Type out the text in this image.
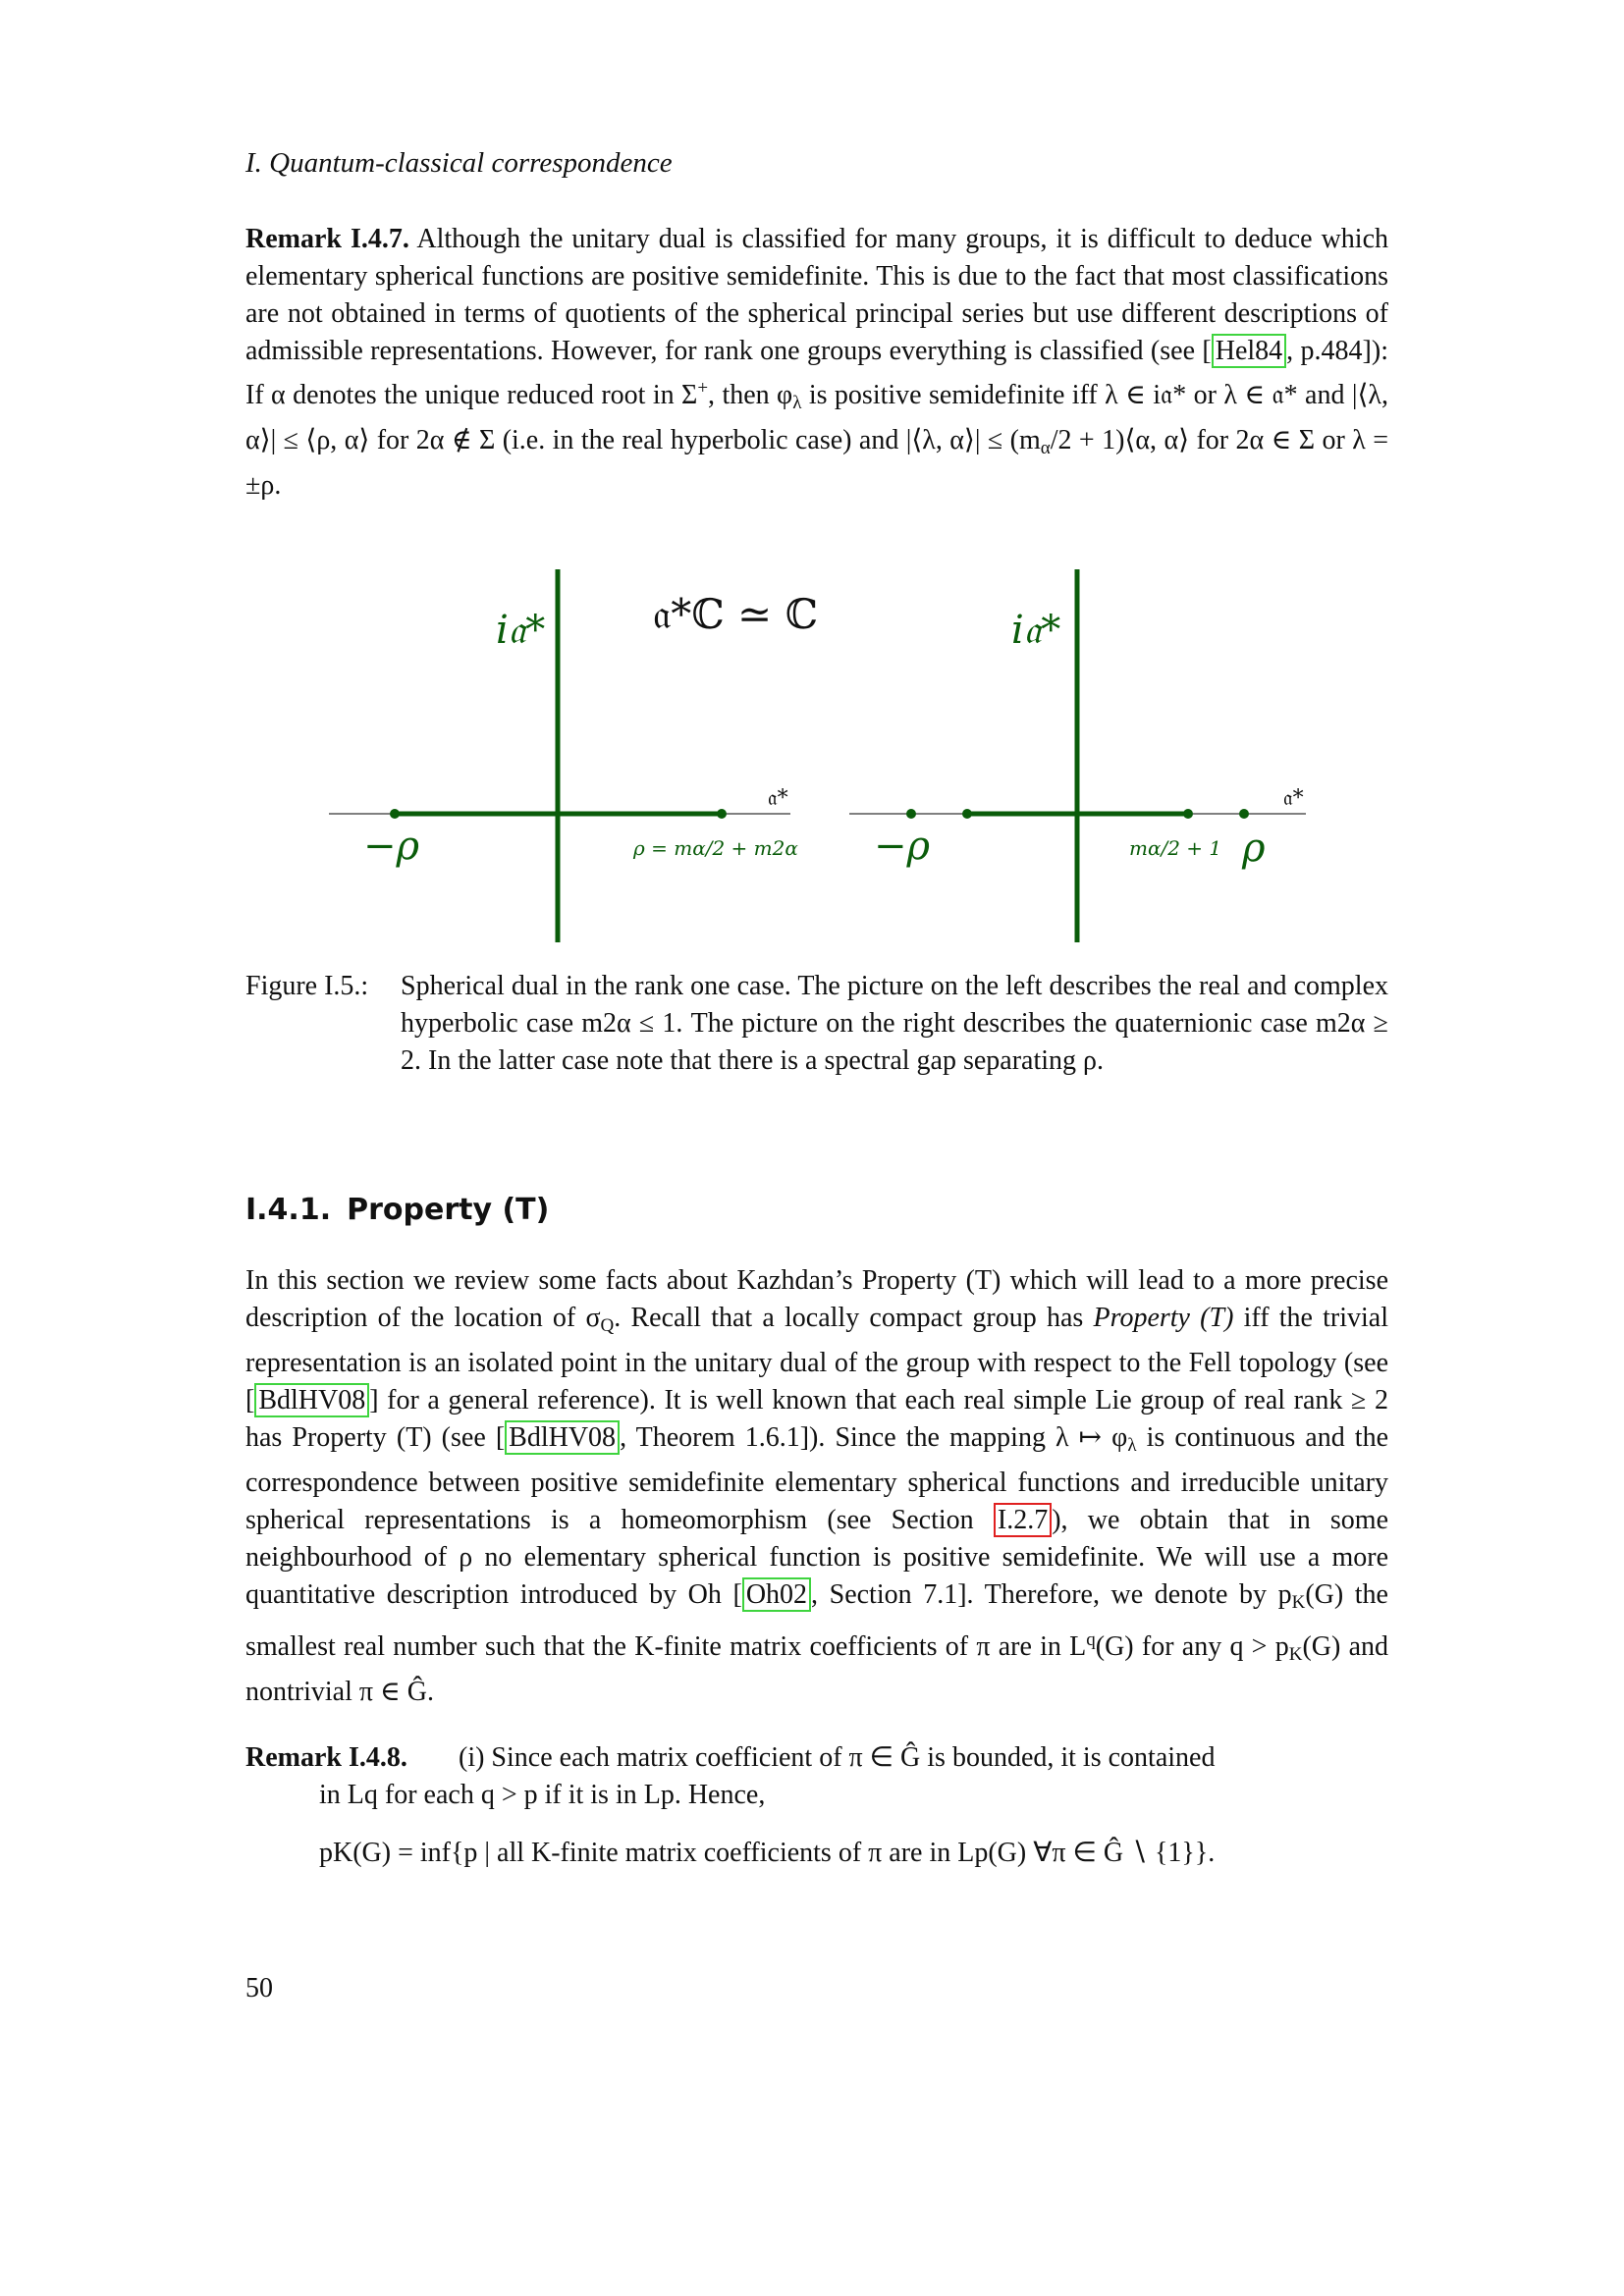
I. Quantum-classical correspondence
Remark I.4.7. Although the unitary dual is classified for many groups, it is difficult to deduce which elementary spherical functions are positive semidefinite. This is due to the fact that most classifications are not obtained in terms of quotients of the spherical principal series but use different descriptions of admissible representations. However, for rank one groups everything is classified (see [ Hel84 , p.484]): If α denotes the unique reduced root in Σ+, then $\varphi_\lambda$ is positive semidefinite iff λ ∈ i𝔞* or λ ∈ 𝔞* and |⟨λ, α⟩| ≤ ⟨ρ, α⟩ for 2α ∉ Σ (i.e. in the real hyperbolic case) and |⟨λ, α⟩| ≤ ($m_\alpha/2$ + 1)⟨α, α⟩ for 2α ∈ Σ or λ = ±ρ.
i𝔞*	𝔞*ℂ ≃ ℂ
𝔞*
−ρ	ρ = mα/2 + m2α
i𝔞*
𝔞*
−ρ	mα/2 + 1 ρ
Figure I.5.: Spherical dual in the rank one case. The picture on the left describes the real and complex hyperbolic case m2α ≤ 1. The picture on the right describes the quaternionic case m2α ≥ 2. In the latter case note that there is a spectral gap separating ρ.
I.4.1. Property (T)
In this section we review some facts about Kazhdan’s Property (T) which will lead to a more precise description of the location of $\sigma_Q$. Recall that a locally compact group has Property (T) iff the trivial representation is an isolated point in the unitary dual of the group with respect to the Fell topology (see [ BdlHV08 ] for a general reference). It is well known that each real simple Lie group of real rank ≥ 2 has Property (T) (see [ BdlHV08 , Theorem 1.6.1]). Since the mapping λ ↦ $\varphi_\lambda$ is continuous and the correspondence between positive semidefinite elementary spherical functions and irreducible unitary spherical representations is a homeomorphism (see Section I.2.7 ), we obtain that in some neighbourhood of ρ no elementary spherical function is positive semidefinite. We will use a more quantitative description introduced by Oh [ Oh02 , Section 7.1]. Therefore, we denote by $p_K(G)$ the smallest real number such that the K-finite matrix coefficients of π are in $L^q(G)$ for any $q > p_K(G)$ and nontrivial π ∈ Ĝ.
Remark I.4.8. (i) Since each matrix coefficient of π ∈ Ĝ is bounded, it is contained
in Lq for each q > p if it is in Lp. Hence,
pK(G) = inf{p | all K-finite matrix coefficients of π are in Lp(G) ∀π ∈ Ĝ ∖ {1}}.
50
